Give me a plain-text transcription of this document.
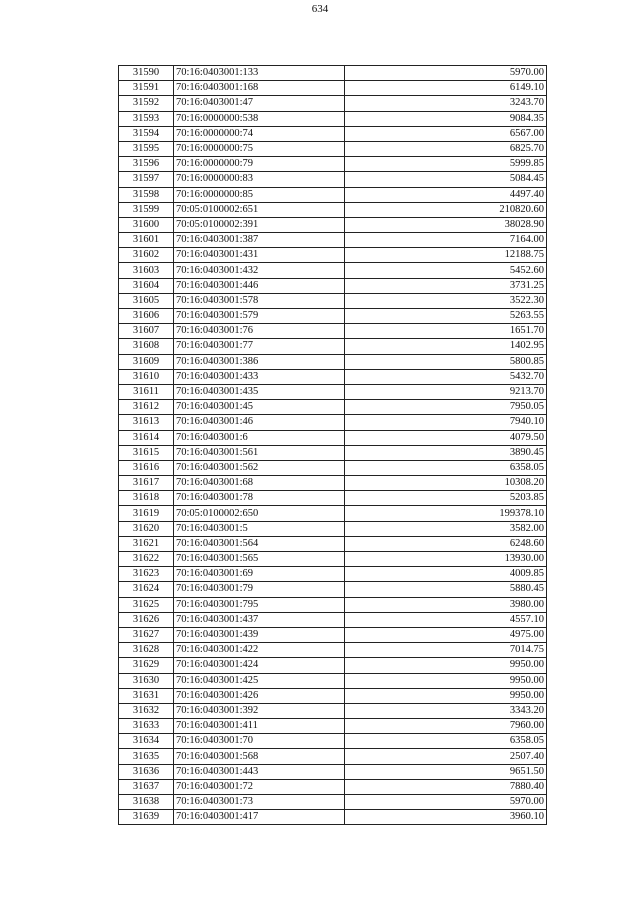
634
31590	70:16:0403001:133	5970.00
31591	70:16:0403001:168	6149.10
31592	70:16:0403001:47	3243.70
31593	70:16:0000000:538	9084.35
31594	70:16:0000000:74	6567.00
31595	70:16:0000000:75	6825.70
31596	70:16:0000000:79	5999.85
31597	70:16:0000000:83	5084.45
31598	70:16:0000000:85	4497.40
31599	70:05:0100002:651	210820.60
31600	70:05:0100002:391	38028.90
31601	70:16:0403001:387	7164.00
31602	70:16:0403001:431	12188.75
31603	70:16:0403001:432	5452.60
31604	70:16:0403001:446	3731.25
31605	70:16:0403001:578	3522.30
31606	70:16:0403001:579	5263.55
31607	70:16:0403001:76	1651.70
31608	70:16:0403001:77	1402.95
31609	70:16:0403001:386	5800.85
31610	70:16:0403001:433	5432.70
31611	70:16:0403001:435	9213.70
31612	70:16:0403001:45	7950.05
31613	70:16:0403001:46	7940.10
31614	70:16:0403001:6	4079.50
31615	70:16:0403001:561	3890.45
31616	70:16:0403001:562	6358.05
31617	70:16:0403001:68	10308.20
31618	70:16:0403001:78	5203.85
31619	70:05:0100002:650	199378.10
31620	70:16:0403001:5	3582.00
31621	70:16:0403001:564	6248.60
31622	70:16:0403001:565	13930.00
31623	70:16:0403001:69	4009.85
31624	70:16:0403001:79	5880.45
31625	70:16:0403001:795	3980.00
31626	70:16:0403001:437	4557.10
31627	70:16:0403001:439	4975.00
31628	70:16:0403001:422	7014.75
31629	70:16:0403001:424	9950.00
31630	70:16:0403001:425	9950.00
31631	70:16:0403001:426	9950.00
31632	70:16:0403001:392	3343.20
31633	70:16:0403001:411	7960.00
31634	70:16:0403001:70	6358.05
31635	70:16:0403001:568	2507.40
31636	70:16:0403001:443	9651.50
31637	70:16:0403001:72	7880.40
31638	70:16:0403001:73	5970.00
31639	70:16:0403001:417	3960.10
